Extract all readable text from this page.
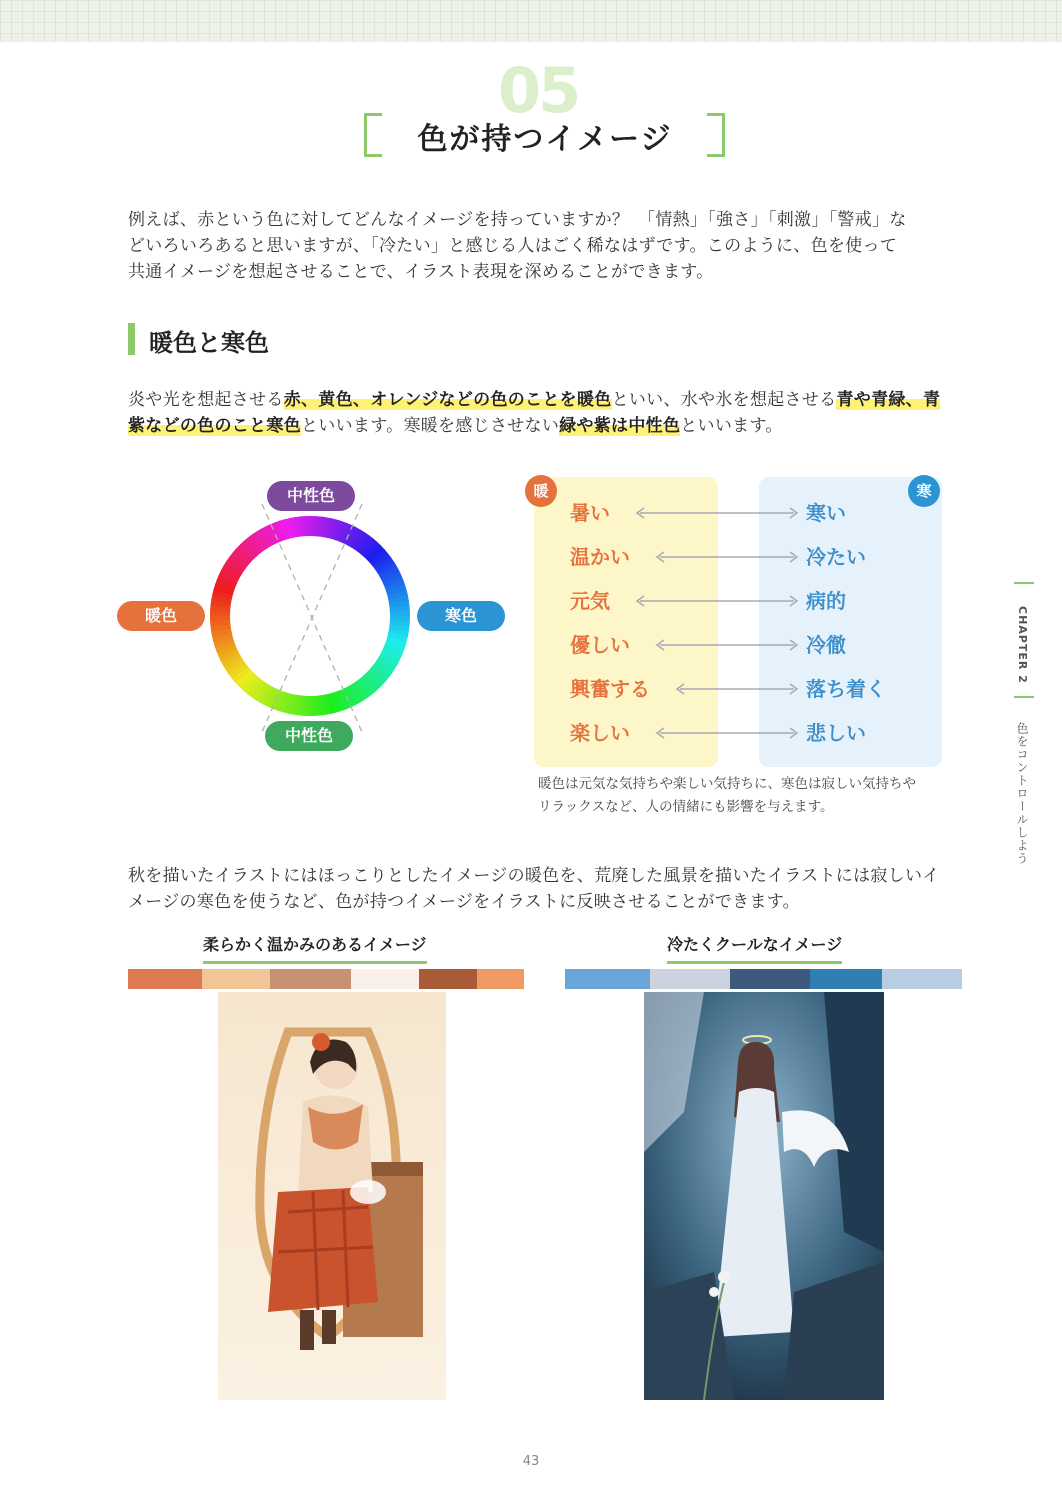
05
色が持つイメージ
例えば、赤という色に対してどんなイメージを持っていますか？　「情熱」「強さ」「刺激」「警戒」な
どいろいろあると思いますが、「冷たい」と感じる人はごく稀なはずです。このように、色を使って
共通イメージを想起させることで、イラスト表現を深めることができます。
暖色と寒色
炎や光を想起させる赤、黄色、オレンジなどの色のことを暖色といい、水や氷を想起させる青や青緑、青
紫などの色のこと寒色といいます。寒暖を感じさせない緑や紫は中性色といいます。
中性色
中性色
暖色	寒色
暖	寒
暑い	寒い
温かい	冷たい
元気	病的
優しい	冷徹
興奮する	落ち着く
楽しい	悲しい
暖色は元気な気持ちや楽しい気持ちに、寒色は寂しい気持ちや
リラックスなど、人の情緒にも影響を与えます。
CHAPTER 2
色をコントロールしよう
秋を描いたイラストにはほっこりとしたイメージの暖色を、荒廃した風景を描いたイラストには寂しいイ
メージの寒色を使うなど、色が持つイメージをイラストに反映させることができます。
柔らかく温かみのあるイメージ	冷たくクールなイメージ
43
